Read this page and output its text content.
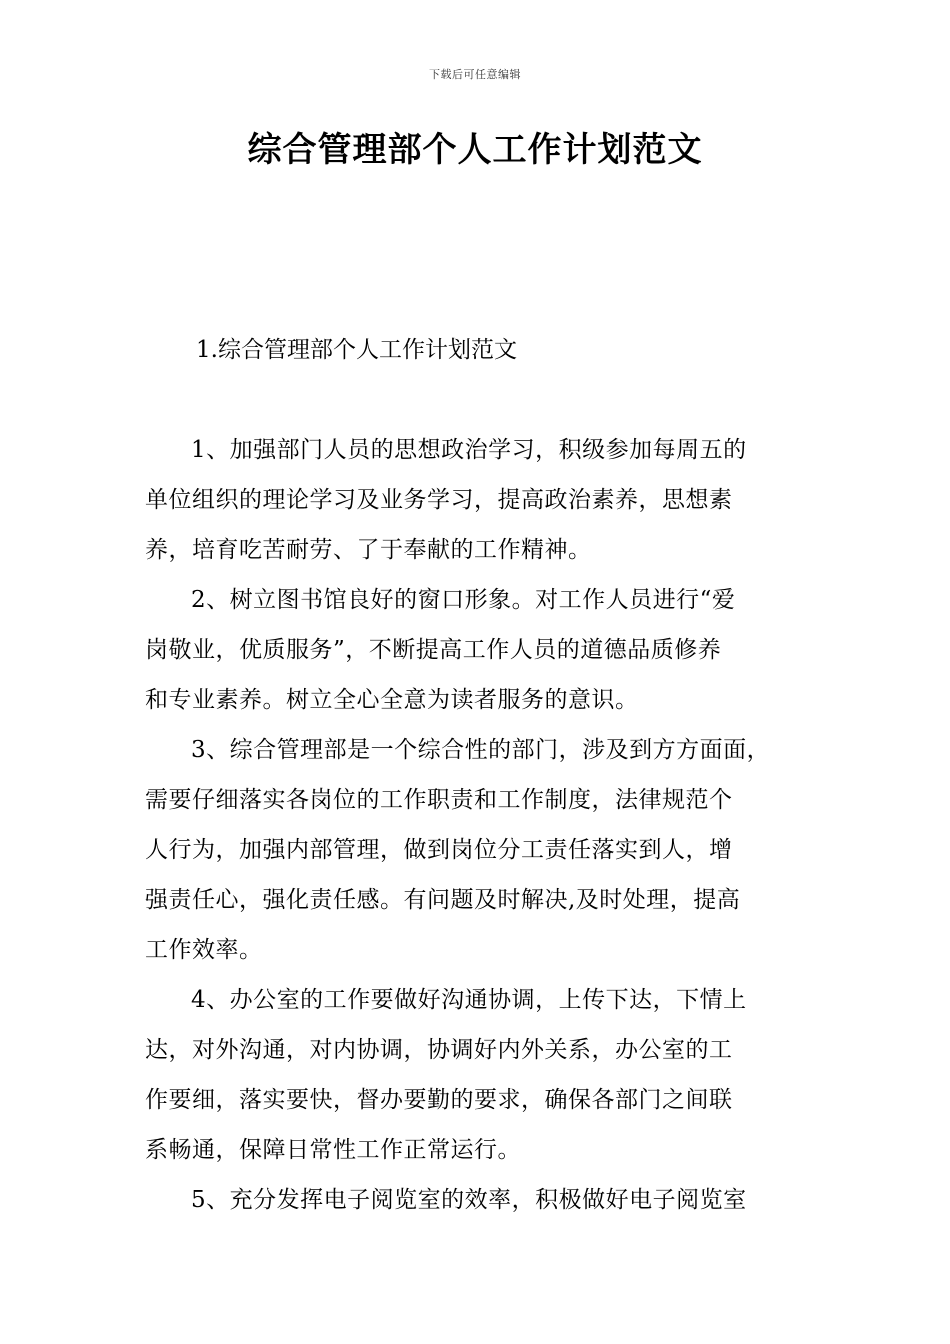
下载后可任意编辑
综合管理部个人工作计划范文
1.综合管理部个人工作计划范文

1、加强部门人员的思想政治学习，积级参加每周五的
单位组织的理论学习及业务学习，提高政治素养，思想素
养，培育吃苦耐劳、了于奉献的工作精神。

2、树立图书馆良好的窗口形象。对工作人员进行“爱
岗敬业，优质服务”，不断提高工作人员的道德品质修养
和专业素养。树立全心全意为读者服务的意识。

3、综合管理部是一个综合性的部门，涉及到方方面面，
需要仔细落实各岗位的工作职责和工作制度，法律规范个
人行为，加强内部管理，做到岗位分工责任落实到人，增
强责任心，强化责任感。有问题及时解决,及时处理，提高
工作效率。

4、办公室的工作要做好沟通协调，上传下达，下情上
达，对外沟通，对内协调，协调好内外关系，办公室的工
作要细，落实要快，督办要勤的要求，确保各部门之间联
系畅通，保障日常性工作正常运行。

5、充分发挥电子阅览室的效率，积极做好电子阅览室
